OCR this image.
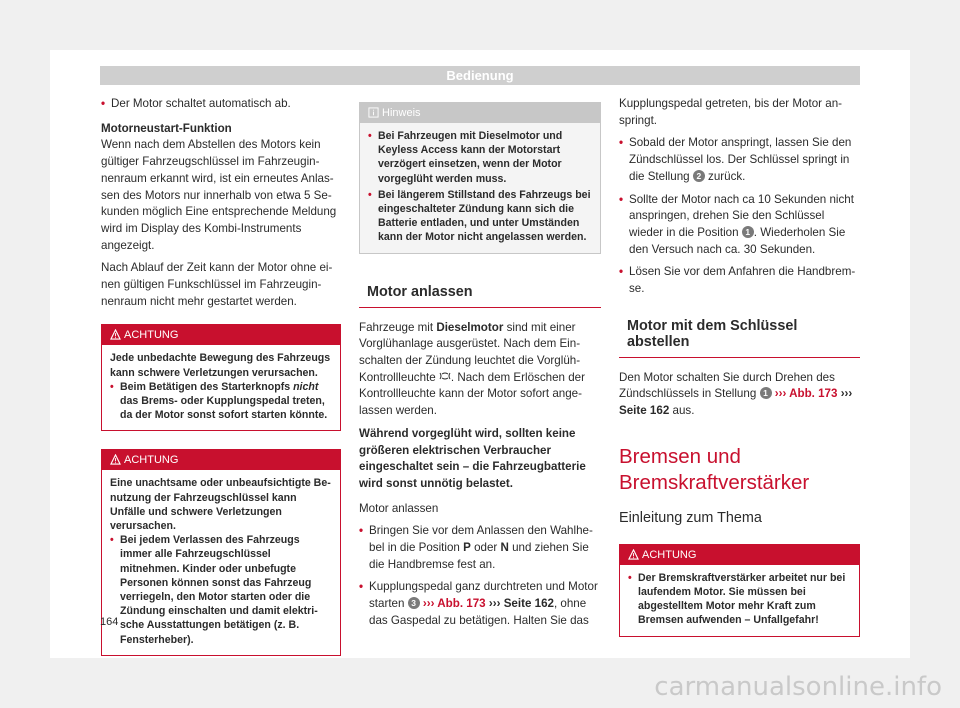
Bedienung
• Der Motor schaltet automatisch ab.

Motorneustart-Funktion

Wenn nach dem Abstellen des Motors kein gültiger Fahrzeugschlüssel im Fahrzeuginnenraum erkannt wird, ist ein erneutes Anlassen des Motors nur innerhalb von etwa 5 Sekunden möglich Eine entsprechende Meldung wird im Display des Kombi-Instruments angezeigt.

Nach Ablauf der Zeit kann der Motor ohne einen gültigen Funkschlüssel im Fahrzeuginnenraum nicht mehr gestartet werden.

ACHTUNG
Jede unbedachte Bewegung des Fahrzeugs kann schwere Verletzungen verursachen.
• Beim Betätigen des Starterknopfs nicht das Brems- oder Kupplungspedal treten, da der Motor sonst sofort starten könnte.
ACHTUNG
Eine unachtsame oder unbeaufsichtigte Benutzung der Fahrzeugschlüssel kann Unfälle und schwere Verletzungen verursachen.
• Bei jedem Verlassen des Fahrzeugs immer alle Fahrzeugschlüssel mitnehmen. Kinder oder unbefugte Personen können sonst das Fahrzeug verriegeln, den Motor starten oder die Zündung einschalten und damit elektrische Ausstattungen betätigen (z. B. Fensterheber).
Hinweis
• Bei Fahrzeugen mit Dieselmotor und Keyless Access kann der Motorstart verzögert einsetzen, wenn der Motor vorgeglüht werden muss.
• Bei längerem Stillstand des Fahrzeugs bei eingeschalteter Zündung kann sich die Batterie entladen, und unter Umständen kann der Motor nicht angelassen werden.
Motor anlassen

Fahrzeuge mit Dieselmotor sind mit einer Vorglühanlage ausgerüstet. Nach dem Einschalten der Zündung leuchtet die VorglühKontrollleuchte . Nach dem Erlöschen der Kontrollleuchte kann der Motor sofort angelassen werden.

Während vorgeglüht wird, sollten keine größeren elektrischen Verbraucher eingeschaltet sein – die Fahrzeugbatterie wird sonst unnötig belastet.

Motor anlassen

• Bringen Sie vor dem Anlassen den Wahlhebel in die Position P oder N und ziehen Sie die Handbremse fest an.
• Kupplungspedal ganz durchtreten und Motor starten 3 ››› Abb. 173 ››› Seite 162, ohne das Gaspedal zu betätigen. Halten Sie das

Kupplungspedal getreten, bis der Motor anspringt.

• Sobald der Motor anspringt, lassen Sie den Zündschlüssel los. Der Schlüssel springt in die Stellung 2 zurück.
• Sollte der Motor nach ca 10 Sekunden nicht anspringen, drehen Sie den Schlüssel wieder in die Position 1 . Wiederholen Sie den Versuch nach ca. 30 Sekunden.
• Lösen Sie vor dem Anfahren die Handbremse.
Motor mit dem Schlüssel abstellen

Den Motor schalten Sie durch Drehen des Zündschlüssels in Stellung 1 ››› Abb. 173 ››› Seite 162 aus.

Bremsen und Bremskraftverstärker
Einleitung zum Thema
ACHTUNG
• Der Bremskraftverstärker arbeitet nur bei laufendem Motor. Sie müssen bei abgestelltem Motor mehr Kraft zum Bremsen aufwenden – Unfallgefahr!
164
carmanualsonline.info
